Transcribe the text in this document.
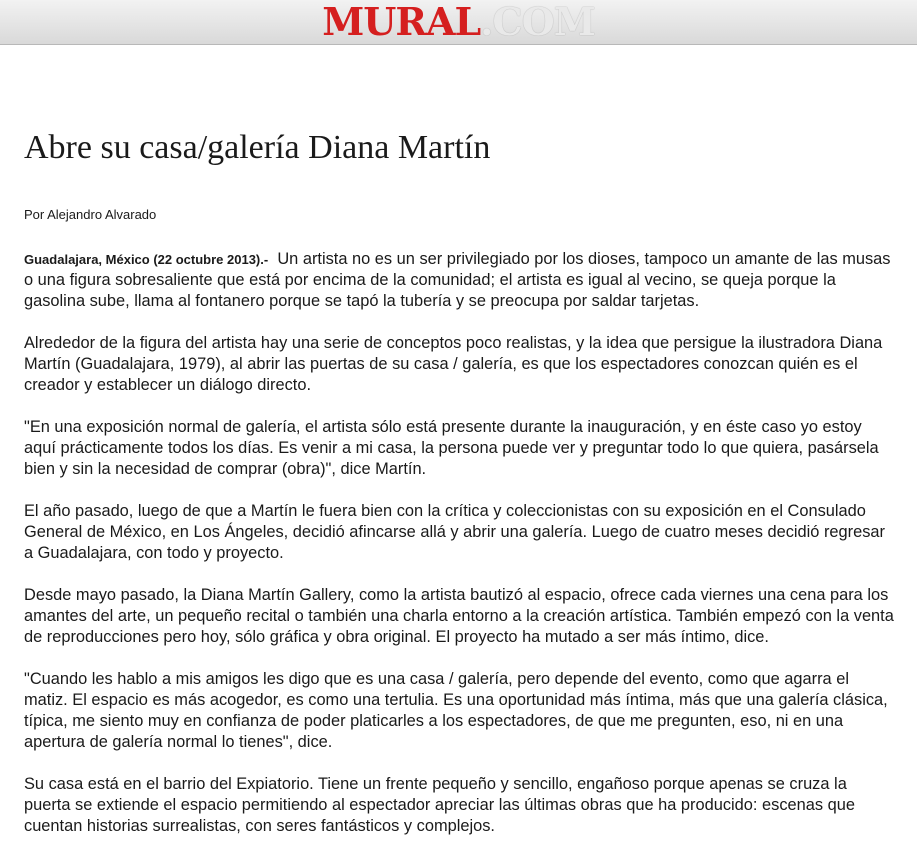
MURAL.COM
Abre su casa/galería Diana Martín
Por Alejandro Alvarado

Guadalajara, México (22 octubre 2013).- Un artista no es un ser privilegiado por los dioses, tampoco un amante de las musas o una figura sobresaliente que está por encima de la comunidad; el artista es igual al vecino, se queja porque la gasolina sube, llama al fontanero porque se tapó la tubería y se preocupa por saldar tarjetas.

Alrededor de la figura del artista hay una serie de conceptos poco realistas, y la idea que persigue la ilustradora Diana Martín (Guadalajara, 1979), al abrir las puertas de su casa / galería, es que los espectadores conozcan quién es el creador y establecer un diálogo directo.

"En una exposición normal de galería, el artista sólo está presente durante la inauguración, y en éste caso yo estoy aquí prácticamente todos los días. Es venir a mi casa, la persona puede ver y preguntar todo lo que quiera, pasársela bien y sin la necesidad de comprar (obra)", dice Martín.

El año pasado, luego de que a Martín le fuera bien con la crítica y coleccionistas con su exposición en el Consulado General de México, en Los Ángeles, decidió afincarse allá y abrir una galería. Luego de cuatro meses decidió regresar a Guadalajara, con todo y proyecto.

Desde mayo pasado, la Diana Martín Gallery, como la artista bautizó al espacio, ofrece cada viernes una cena para los amantes del arte, un pequeño recital o también una charla entorno a la creación artística. También empezó con la venta de reproducciones pero hoy, sólo gráfica y obra original. El proyecto ha mutado a ser más íntimo, dice.

"Cuando les hablo a mis amigos les digo que es una casa / galería, pero depende del evento, como que agarra el matiz. El espacio es más acogedor, es como una tertulia. Es una oportunidad más íntima, más que una galería clásica, típica, me siento muy en confianza de poder platicarles a los espectadores, de que me pregunten, eso, ni en una apertura de galería normal lo tienes", dice.

Su casa está en el barrio del Expiatorio. Tiene un frente pequeño y sencillo, engañoso porque apenas se cruza la puerta se extiende el espacio permitiendo al espectador apreciar las últimas obras que ha producido: escenas que cuentan historias surrealistas, con seres fantásticos y complejos.
